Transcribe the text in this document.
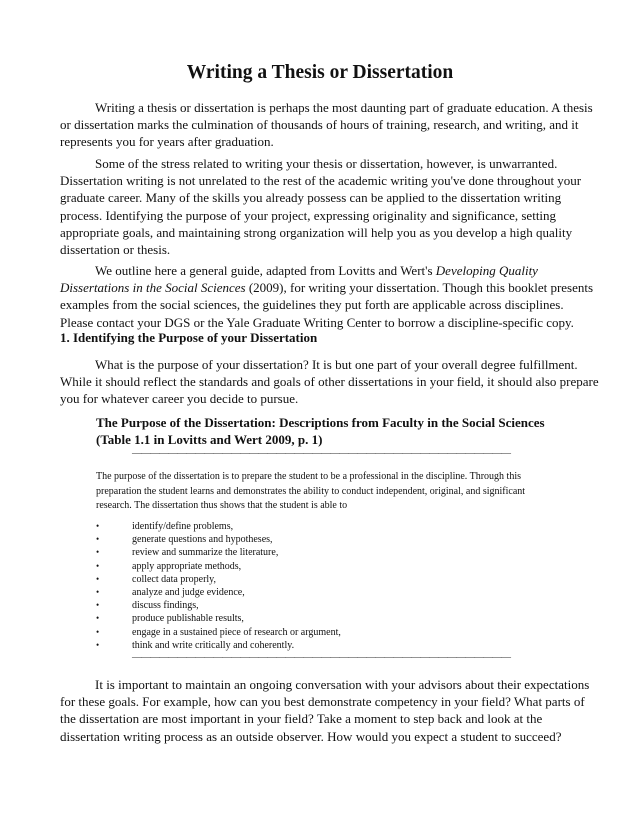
Writing a Thesis or Dissertation

Writing a thesis or dissertation is perhaps the most daunting part of graduate education. A thesis
or dissertation marks the culmination of thousands of hours of training, research, and writing, and it
represents you for years after graduation.

Some of the stress related to writing your thesis or dissertation, however, is unwarranted.
Dissertation writing is not unrelated to the rest of the academic writing you've done throughout your
graduate career. Many of the skills you already possess can be applied to the dissertation writing
process. Identifying the purpose of your project, expressing originality and significance, setting
appropriate goals, and maintaining strong organization will help you as you develop a high quality
dissertation or thesis.

We outline here a general guide, adapted from Lovitts and Wert's Developing Quality
Dissertations in the Social Sciences (2009), for writing your dissertation. Though this booklet presents
examples from the social sciences, the guidelines they put forth are applicable across disciplines.
Please contact your DGS or the Yale Graduate Writing Center to borrow a discipline-specific copy.

1. Identifying the Purpose of your Dissertation

What is the purpose of your dissertation? It is but one part of your overall degree fulfillment.
While it should reflect the standards and goals of other dissertations in your field, it should also prepare
you for whatever career you decide to pursue.

The Purpose of the Dissertation: Descriptions from Faculty in the Social Sciences
(Table 1.1 in Lovitts and Wert 2009, p. 1)

——————————————————————————————————————————

The purpose of the dissertation is to prepare the student to be a professional in the discipline. Through this
preparation the student learns and demonstrates the ability to conduct independent, original, and significant
research. The dissertation thus shows that the student is able to

•	identify/define problems,
•	generate questions and hypotheses,
•	review and summarize the literature,
•	apply appropriate methods,
•	collect data properly,
•	analyze and judge evidence,
•	discuss findings,
•	produce publishable results,
•	engage in a sustained piece of research or argument,
•	think and write critically and coherently.
——————————————————————————————————————————

It is important to maintain an ongoing conversation with your advisors about their expectations
for these goals. For example, how can you best demonstrate competency in your field? What parts of
the dissertation are most important in your field? Take a moment to step back and look at the
dissertation writing process as an outside observer. How would you expect a student to succeed?
